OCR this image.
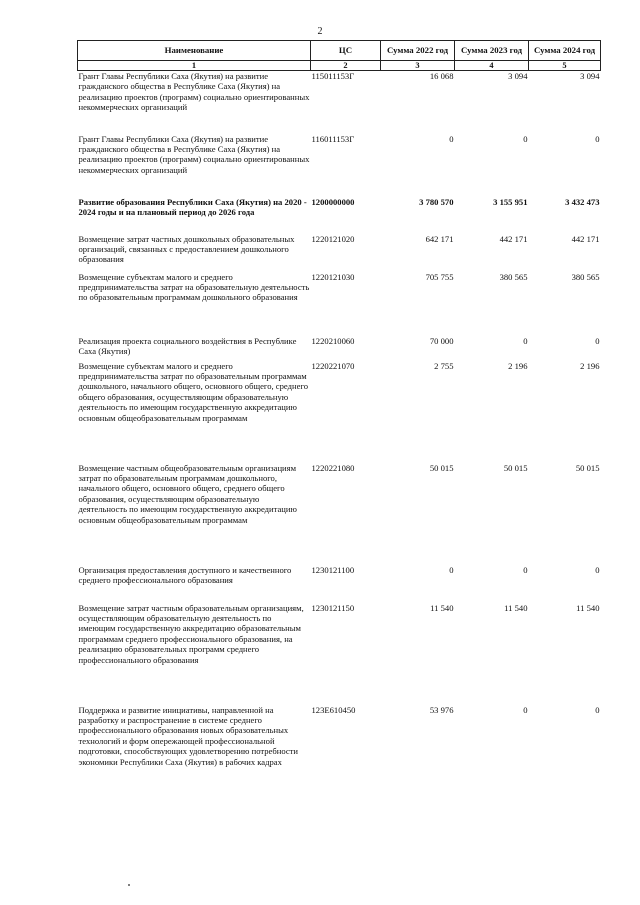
2
Наименование	ЦС	Сумма 2022 год	Сумма 2023 год	Сумма 2024 год
1	2	3	4	5
Грант Главы Республики Саха (Якутия) на развитие гражданского общества в Республике Саха (Якутия) на реализацию проектов (программ) социально ориентированных некоммерческих организаций	115011153Г	16 068	3 094	3 094
Грант Главы Республики Саха (Якутия) на развитие гражданского общества в Республике Саха (Якутия) на реализацию проектов (программ) социально ориентированных некоммерческих организаций	116011153Г	0	0	0
Развитие образования Республики Саха (Якутия) на 2020 - 2024 годы и на плановый период до 2026 года	1200000000	3 780 570	3 155 951	3 432 473
Возмещение затрат частных дошкольных образовательных организаций, связанных с предоставлением дошкольного образования	1220121020	642 171	442 171	442 171
Возмещение субъектам малого и среднего предпринимательства затрат на образовательную деятельность по образовательным программам дошкольного образования	1220121030	705 755	380 565	380 565
Реализация проекта социального воздействия в Республике Саха (Якутия)	1220210060	70 000	0	0
Возмещение субъектам малого и среднего предпринимательства затрат по образовательным программам дошкольного, начального общего, основного общего, среднего общего образования, осуществляющим образовательную деятельность по имеющим государственную аккредитацию основным общеобразовательным программам	1220221070	2 755	2 196	2 196
Возмещение частным общеобразовательным организациям затрат по образовательным программам дошкольного, начального общего, основного общего, среднего общего образования, осуществляющим образовательную деятельность по имеющим государственную аккредитацию основным общеобразовательным программам	1220221080	50 015	50 015	50 015
Организация предоставления доступного и качественного среднего профессионального образования	1230121100	0	0	0
Возмещение затрат частным образовательным организациям, осуществляющим образовательную деятельность по имеющим государственную аккредитацию образовательным программам среднего профессионального образования, на реализацию образовательных программ среднего профессионального образования	1230121150	11 540	11 540	11 540
Поддержка и развитие инициативы, направленной на разработку и распространение в системе среднего профессионального образования новых образовательных технологий и форм опережающей профессиональной подготовки, способствующих удовлетворению потребности экономики Республики Саха (Якутия) в рабочих кадрах	123E610450	53 976	0	0
